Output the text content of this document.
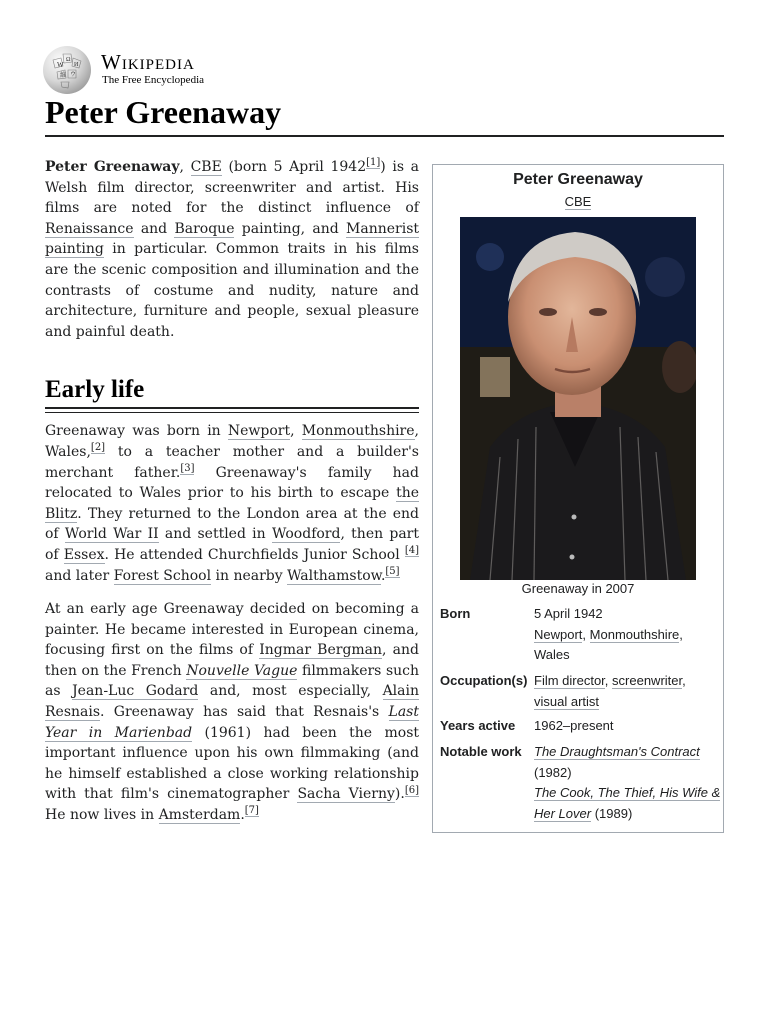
W
Ω
И
維 ウ
Wikipedia
The Free Encyclopedia
Peter Greenaway

Peter Greenaway, CBE (born 5 April 1942[1]) is a Welsh film director, screenwriter and artist. His films are noted for the distinct influence of Renaissance and Baroque painting, and Mannerist painting in particular. Common traits in his films are the scenic composition and illumination and the contrasts of costume and nudity, nature and architecture, furniture and people, sexual pleasure and painful death.

Early life

Greenaway was born in Newport, Monmouthshire, Wales,[2] to a teacher mother and a builder's merchant father.[3] Greenaway's family had relocated to Wales prior to his birth to escape the Blitz. They returned to the London area at the end of World War II and settled in Woodford, then part of Essex. He attended Churchfields Junior School [4] and later Forest School in nearby Walthamstow.[5]

At an early age Greenaway decided on becoming a painter. He became interested in European cinema, focusing first on the films of Ingmar Bergman, and then on the French Nouvelle Vague filmmakers such as Jean-Luc Godard and, most especially, Alain Resnais. Greenaway has said that Resnais's Last Year in Marienbad (1961) had been the most important influence upon his own filmmaking (and he himself established a close working relationship with that film's cinematographer Sacha Vierny).[6] He now lives in Amsterdam.[7]

Peter Greenaway
CBE
Greenaway in 2007
Born	5 April 1942
Newport, Monmouthshire,
Wales
Occupation(s) Film director, screenwriter,
visual artist
Years active	1962–present
Notable work The Draughtsman's Contract
(1982)
The Cook, The Thief, His Wife & Her Lover (1989)
